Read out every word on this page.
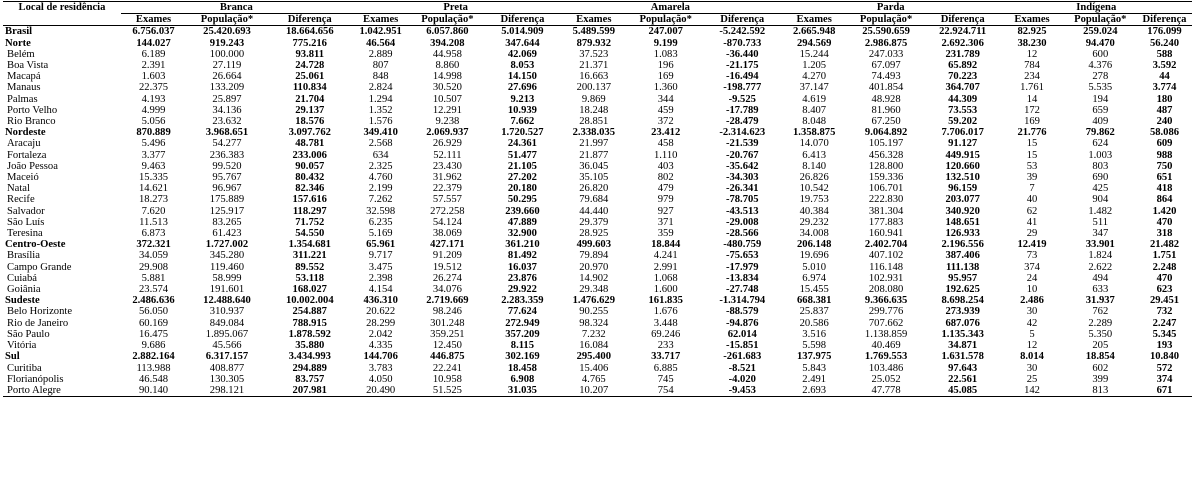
Local de residência	Branca			Preta			Amarela			Parda			Indígena		
	Exames	População*	Diferença	Exames	População*	Diferença	Exames	População*	Diferença	Exames	População*	Diferença	Exames	População*	Diferença
Brasil	6.756.037	25.420.693	18.664.656	1.042.951	6.057.860	5.014.909	5.489.599	247.007	-5.242.592	2.665.948	25.590.659	22.924.711	82.925	259.024	176.099
Norte	144.027	919.243	775.216	46.564	394.208	347.644	879.932	9.199	-870.733	294.569	2.986.875	2.692.306	38.230	94.470	56.240
Belém	6.189	100.000	93.811	2.889	44.958	42.069	37.523	1.083	-36.440	15.244	247.033	231.789	12	600	588
Boa Vista	2.391	27.119	24.728	807	8.860	8.053	21.371	196	-21.175	1.205	67.097	65.892	784	4.376	3.592
Macapá	1.603	26.664	25.061	848	14.998	14.150	16.663	169	-16.494	4.270	74.493	70.223	234	278	44
Manaus	22.375	133.209	110.834	2.824	30.520	27.696	200.137	1.360	-198.777	37.147	401.854	364.707	1.761	5.535	3.774
Palmas	4.193	25.897	21.704	1.294	10.507	9.213	9.869	344	-9.525	4.619	48.928	44.309	14	194	180
Porto Velho	4.999	34.136	29.137	1.352	12.291	10.939	18.248	459	-17.789	8.407	81.960	73.553	172	659	487
Rio Branco	5.056	23.632	18.576	1.576	9.238	7.662	28.851	372	-28.479	8.048	67.250	59.202	169	409	240
Nordeste	870.889	3.968.651	3.097.762	349.410	2.069.937	1.720.527	2.338.035	23.412	-2.314.623	1.358.875	9.064.892	7.706.017	21.776	79.862	58.086
Aracaju	5.496	54.277	48.781	2.568	26.929	24.361	21.997	458	-21.539	14.070	105.197	91.127	15	624	609
Fortaleza	3.377	236.383	233.006	634	52.111	51.477	21.877	1.110	-20.767	6.413	456.328	449.915	15	1.003	988
João Pessoa	9.463	99.520	90.057	2.325	23.430	21.105	36.045	403	-35.642	8.140	128.800	120.660	53	803	750
Maceió	15.335	95.767	80.432	4.760	31.962	27.202	35.105	802	-34.303	26.826	159.336	132.510	39	690	651
Natal	14.621	96.967	82.346	2.199	22.379	20.180	26.820	479	-26.341	10.542	106.701	96.159	7	425	418
Recife	18.273	175.889	157.616	7.262	57.557	50.295	79.684	979	-78.705	19.753	222.830	203.077	40	904	864
Salvador	7.620	125.917	118.297	32.598	272.258	239.660	44.440	927	-43.513	40.384	381.304	340.920	62	1.482	1.420
São Luís	11.513	83.265	71.752	6.235	54.124	47.889	29.379	371	-29.008	29.232	177.883	148.651	41	511	470
Teresina	6.873	61.423	54.550	5.169	38.069	32.900	28.925	359	-28.566	34.008	160.941	126.933	29	347	318
Centro-Oeste	372.321	1.727.002	1.354.681	65.961	427.171	361.210	499.603	18.844	-480.759	206.148	2.402.704	2.196.556	12.419	33.901	21.482
Brasília	34.059	345.280	311.221	9.717	91.209	81.492	79.894	4.241	-75.653	19.696	407.102	387.406	73	1.824	1.751
Campo Grande	29.908	119.460	89.552	3.475	19.512	16.037	20.970	2.991	-17.979	5.010	116.148	111.138	374	2.622	2.248
Cuiabá	5.881	58.999	53.118	2.398	26.274	23.876	14.902	1.068	-13.834	6.974	102.931	95.957	24	494	470
Goiânia	23.574	191.601	168.027	4.154	34.076	29.922	29.348	1.600	-27.748	15.455	208.080	192.625	10	633	623
Sudeste	2.486.636	12.488.640	10.002.004	436.310	2.719.669	2.283.359	1.476.629	161.835	-1.314.794	668.381	9.366.635	8.698.254	2.486	31.937	29.451
Belo Horizonte	56.050	310.937	254.887	20.622	98.246	77.624	90.255	1.676	-88.579	25.837	299.776	273.939	30	762	732
Rio de Janeiro	60.169	849.084	788.915	28.299	301.248	272.949	98.324	3.448	-94.876	20.586	707.662	687.076	42	2.289	2.247
São Paulo	16.475	1.895.067	1.878.592	2.042	359.251	357.209	7.232	69.246	62.014	3.516	1.138.859	1.135.343	5	5.350	5.345
Vitória	9.686	45.566	35.880	4.335	12.450	8.115	16.084	233	-15.851	5.598	40.469	34.871	12	205	193
Sul	2.882.164	6.317.157	3.434.993	144.706	446.875	302.169	295.400	33.717	-261.683	137.975	1.769.553	1.631.578	8.014	18.854	10.840
Curitiba	113.988	408.877	294.889	3.783	22.241	18.458	15.406	6.885	-8.521	5.843	103.486	97.643	30	602	572
Florianópolis	46.548	130.305	83.757	4.050	10.958	6.908	4.765	745	-4.020	2.491	25.052	22.561	25	399	374
Porto Alegre	90.140	298.121	207.981	20.490	51.525	31.035	10.207	754	-9.453	2.693	47.778	45.085	142	813	671
